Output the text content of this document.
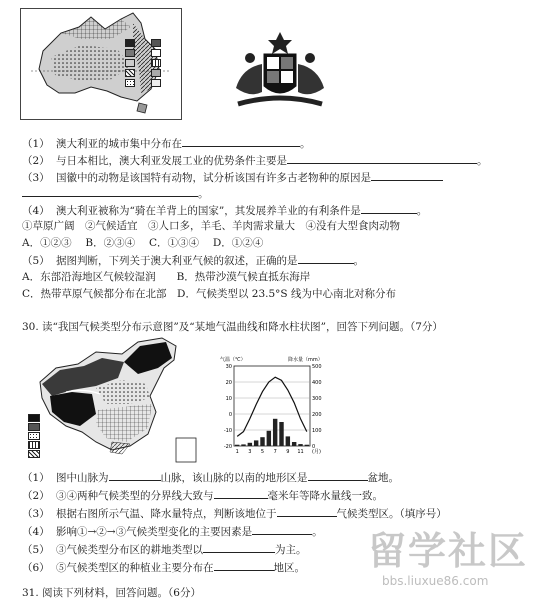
（1） 澳大利亚的城市集中分布在	。
（2） 与日本相比，澳大利亚发展工业的优势条件主要是	。
（3） 国徽中的动物是该国特有动物，试分析该国有许多古老物种的原因是
。
（4） 澳大利亚被称为“骑在羊背上的国家”，其发展养羊业的有利条件是	。
①草原广阔　②气候适宜　③人口多，羊毛、羊肉需求量大　④没有大型食肉动物
A．①②③　 B．②③④　 C．①③④　 D．①②④
（5） 据图判断，下列关于澳大利亚气候的叙述，正确的是	。
A．东部沿海地区气候较湿润　　B．热带沙漠气候直抵东海岸
C．热带草原气候都分布在北部　D．气候类型以 23.5°S 线为中心南北对称分布
30. 读“我国气候类型分布示意图”及“某地气温曲线和降水柱状图”，回答下列问题。（7分）
30
20
10
0
-10
-20
500
400
300
200
100
0
1 3 5 7 9 11 (月)
气温（℃）	降水量（mm）
（1） 图中山脉为	山脉，该山脉的以南的地形区是	盆地。
（2） ③④两种气候类型的分界线大致与	毫米年等降水量线一致。
（3） 根据右图所示气温、降水量特点，判断该地位于	气候类型区。（填序号）
（4） 影响①→②→③气候类型变化的主要因素是	。
（5） ③气候类型分布区的耕地类型以	为主。
（6） ⑤气候类型区的种植业主要分布在	地区。
31. 阅读下列材料，回答问题。（6分）
留学社区
bbs.liuxue86.com
